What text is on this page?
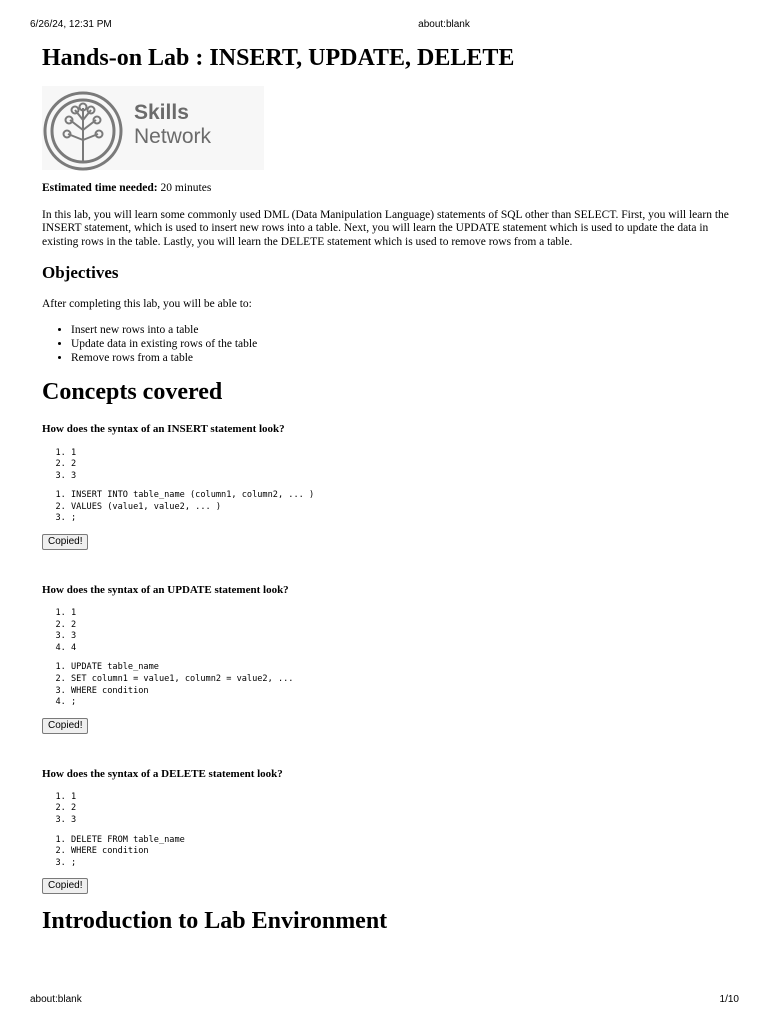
6/26/24, 12:31 PM	about:blank
Hands-on Lab : INSERT, UPDATE, DELETE
Skills
Network

Estimated time needed: 20 minutes

In this lab, you will learn some commonly used DML (Data Manipulation Language) statements of SQL other than SELECT. First, you will learn the INSERT statement, which is used to insert new rows into a table. Next, you will learn the UPDATE statement which is used to update the data in existing rows in the table. Lastly, you will learn the DELETE statement which is used to remove rows from a table.

Objectives

After completing this lab, you will be able to:

• Insert new rows into a table
• Update data in existing rows of the table
• Remove rows from a table
Concepts covered
How does the syntax of an INSERT statement look?
1. 1
2. 2
3. 3
1. INSERT INTO table_name (column1, column2, ... )
2. VALUES (value1, value2, ... )
3. ;
Copied!
How does the syntax of an UPDATE statement look?
1. 1
2. 2
3. 3
4. 4
1. UPDATE table_name
2. SET column1 = value1, column2 = value2, ...
3. WHERE condition
4. ;
Copied!
How does the syntax of a DELETE statement look?
1. 1
2. 2
3. 3
1. DELETE FROM table_name
2. WHERE condition
3. ;
Copied!
Introduction to Lab Environment
about:blank	1/10
